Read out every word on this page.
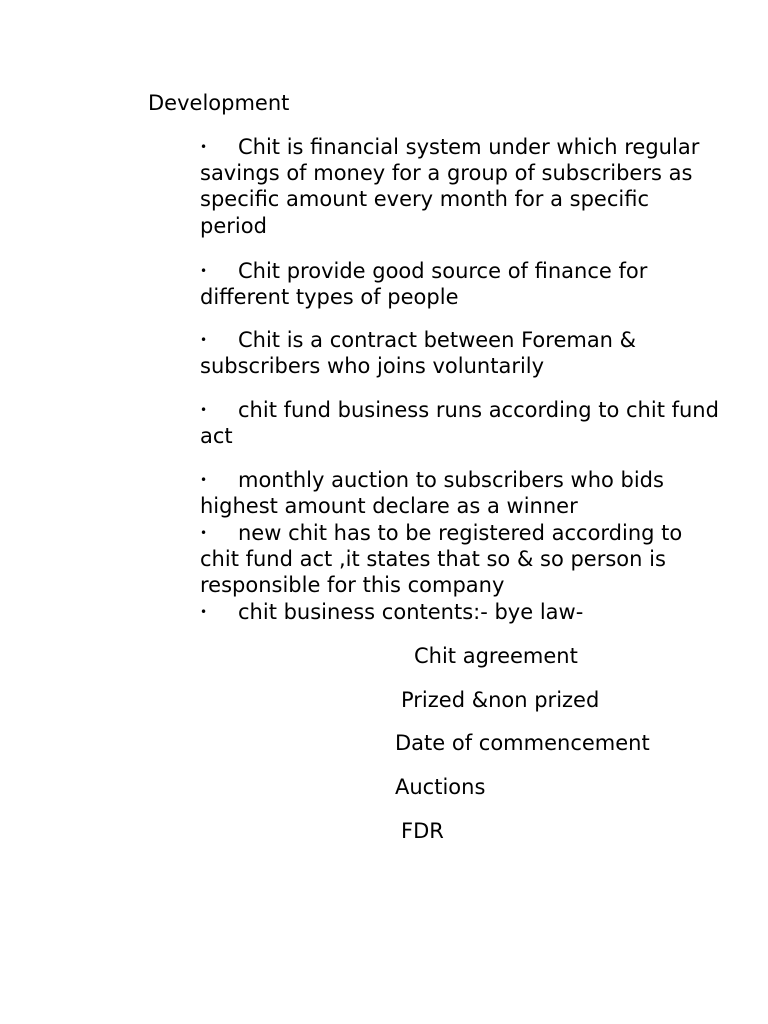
Development
•Chit is financial system under which regular savings of money for a group of subscribers as specific amount every month for a specific period
•Chit provide good source of finance for different types of people
•Chit is a contract between Foreman & subscribers who joins voluntarily
•chit fund business runs according to chit fund act
•monthly auction to subscribers who bids highest amount declare as a winner
•new chit has to be registered according to chit fund act ,it states that so & so person is responsible for this company
•chit business contents:- bye law-
Chit agreement
Prized &non prized
Date of commencement
Auctions
FDR
